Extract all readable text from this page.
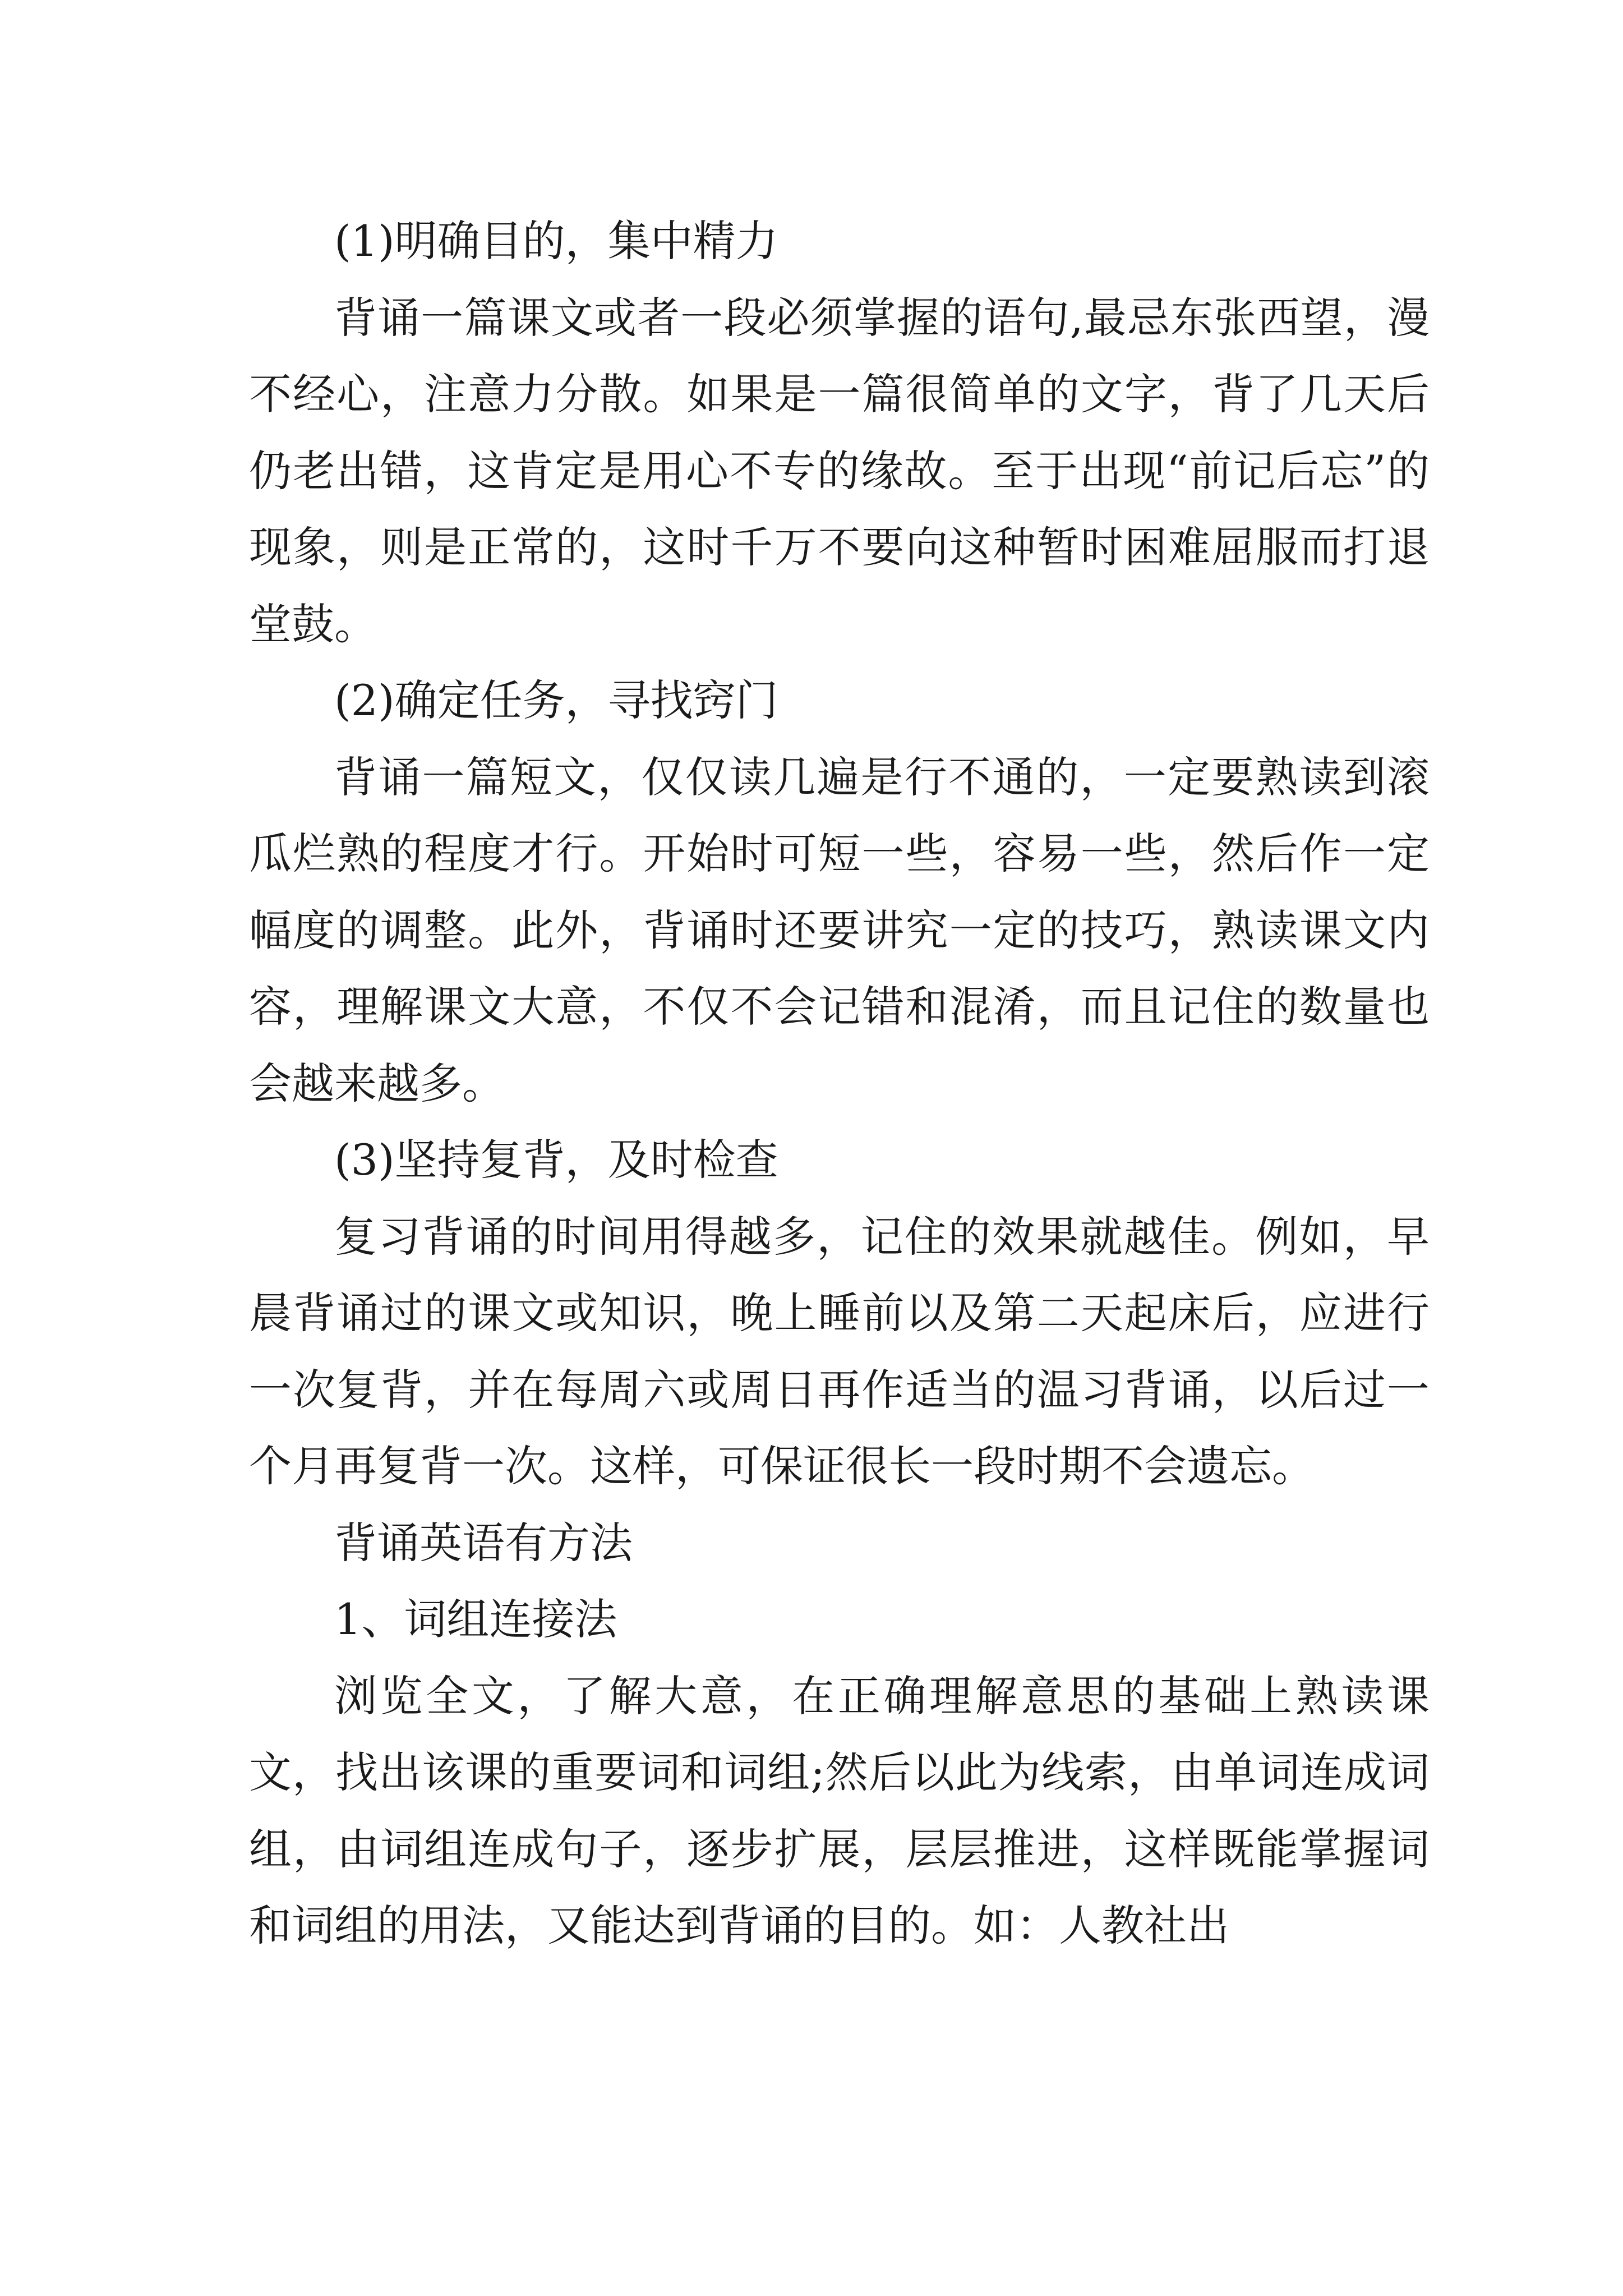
(1)明确目的，集中精力

背诵一篇课文或者一段必须掌握的语句,最忌东张西望，漫不经心，注意力分散。如果是一篇很简单的文字，背了几天后仍老出错，这肯定是用心不专的缘故。至于出现“前记后忘”的现象，则是正常的，这时千万不要向这种暂时困难屈服而打退堂鼓。

(2)确定任务，寻找窍门

背诵一篇短文，仅仅读几遍是行不通的，一定要熟读到滚瓜烂熟的程度才行。开始时可短一些，容易一些，然后作一定幅度的调整。此外，背诵时还要讲究一定的技巧，熟读课文内容，理解课文大意，不仅不会记错和混淆，而且记住的数量也会越来越多。

(3)坚持复背，及时检查

复习背诵的时间用得越多，记住的效果就越佳。例如，早晨背诵过的课文或知识，晚上睡前以及第二天起床后，应进行一次复背，并在每周六或周日再作适当的温习背诵，以后过一个月再复背一次。这样，可保证很长一段时期不会遗忘。

背诵英语有方法

1、词组连接法

浏览全文，了解大意，在正确理解意思的基础上熟读课文，找出该课的重要词和词组;然后以此为线索，由单词连成词组，由词组连成句子，逐步扩展，层层推进，这样既能掌握词和词组的用法，又能达到背诵的目的。如：人教社出
